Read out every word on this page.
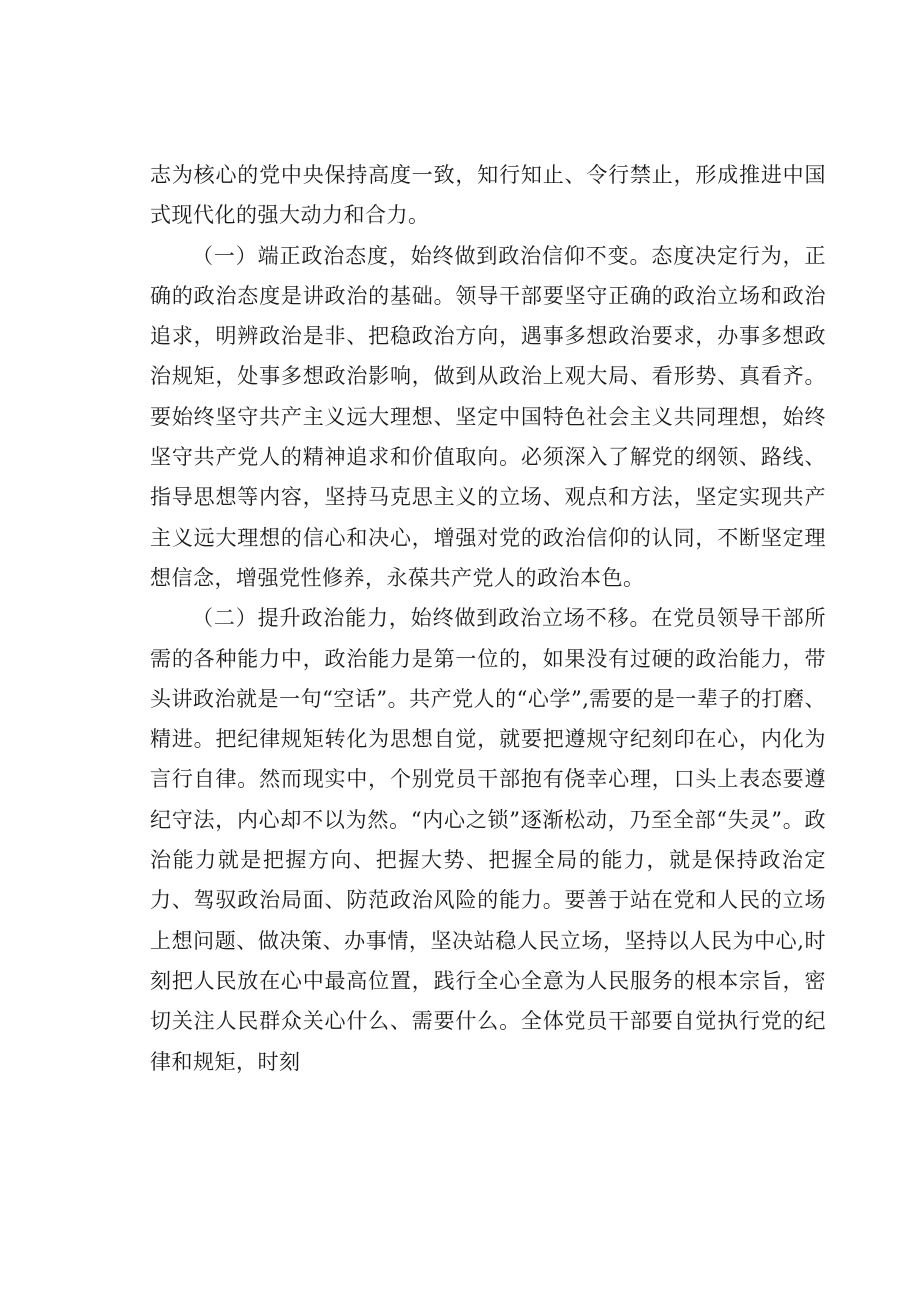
志为核心的党中央保持高度一致，知行知止、令行禁止，形成推进中国式现代化的强大动力和合力。

（一）端正政治态度，始终做到政治信仰不变。态度决定行为，正确的政治态度是讲政治的基础。领导干部要坚守正确的政治立场和政治追求，明辨政治是非、把稳政治方向，遇事多想政治要求，办事多想政治规矩，处事多想政治影响，做到从政治上观大局、看形势、真看齐。要始终坚守共产主义远大理想、坚定中国特色社会主义共同理想，始终坚守共产党人的精神追求和价值取向。必须深入了解党的纲领、路线、指导思想等内容，坚持马克思主义的立场、观点和方法，坚定实现共产主义远大理想的信心和决心，增强对党的政治信仰的认同，不断坚定理想信念，增强党性修养，永葆共产党人的政治本色。

（二）提升政治能力，始终做到政治立场不移。在党员领导干部所需的各种能力中，政治能力是第一位的，如果没有过硬的政治能力，带头讲政治就是一句“空话”。共产党人的“心学”,需要的是一辈子的打磨、精进。把纪律规矩转化为思想自觉，就要把遵规守纪刻印在心，内化为言行自律。然而现实中，个别党员干部抱有侥幸心理，口头上表态要遵纪守法，内心却不以为然。“内心之锁”逐渐松动，乃至全部“失灵”。政治能力就是把握方向、把握大势、把握全局的能力，就是保持政治定力、驾驭政治局面、防范政治风险的能力。要善于站在党和人民的立场上想问题、做决策、办事情，坚决站稳人民立场，坚持以人民为中心,时刻把人民放在心中最高位置，践行全心全意为人民服务的根本宗旨，密切关注人民群众关心什么、需要什么。全体党员干部要自觉执行党的纪律和规矩，时刻
